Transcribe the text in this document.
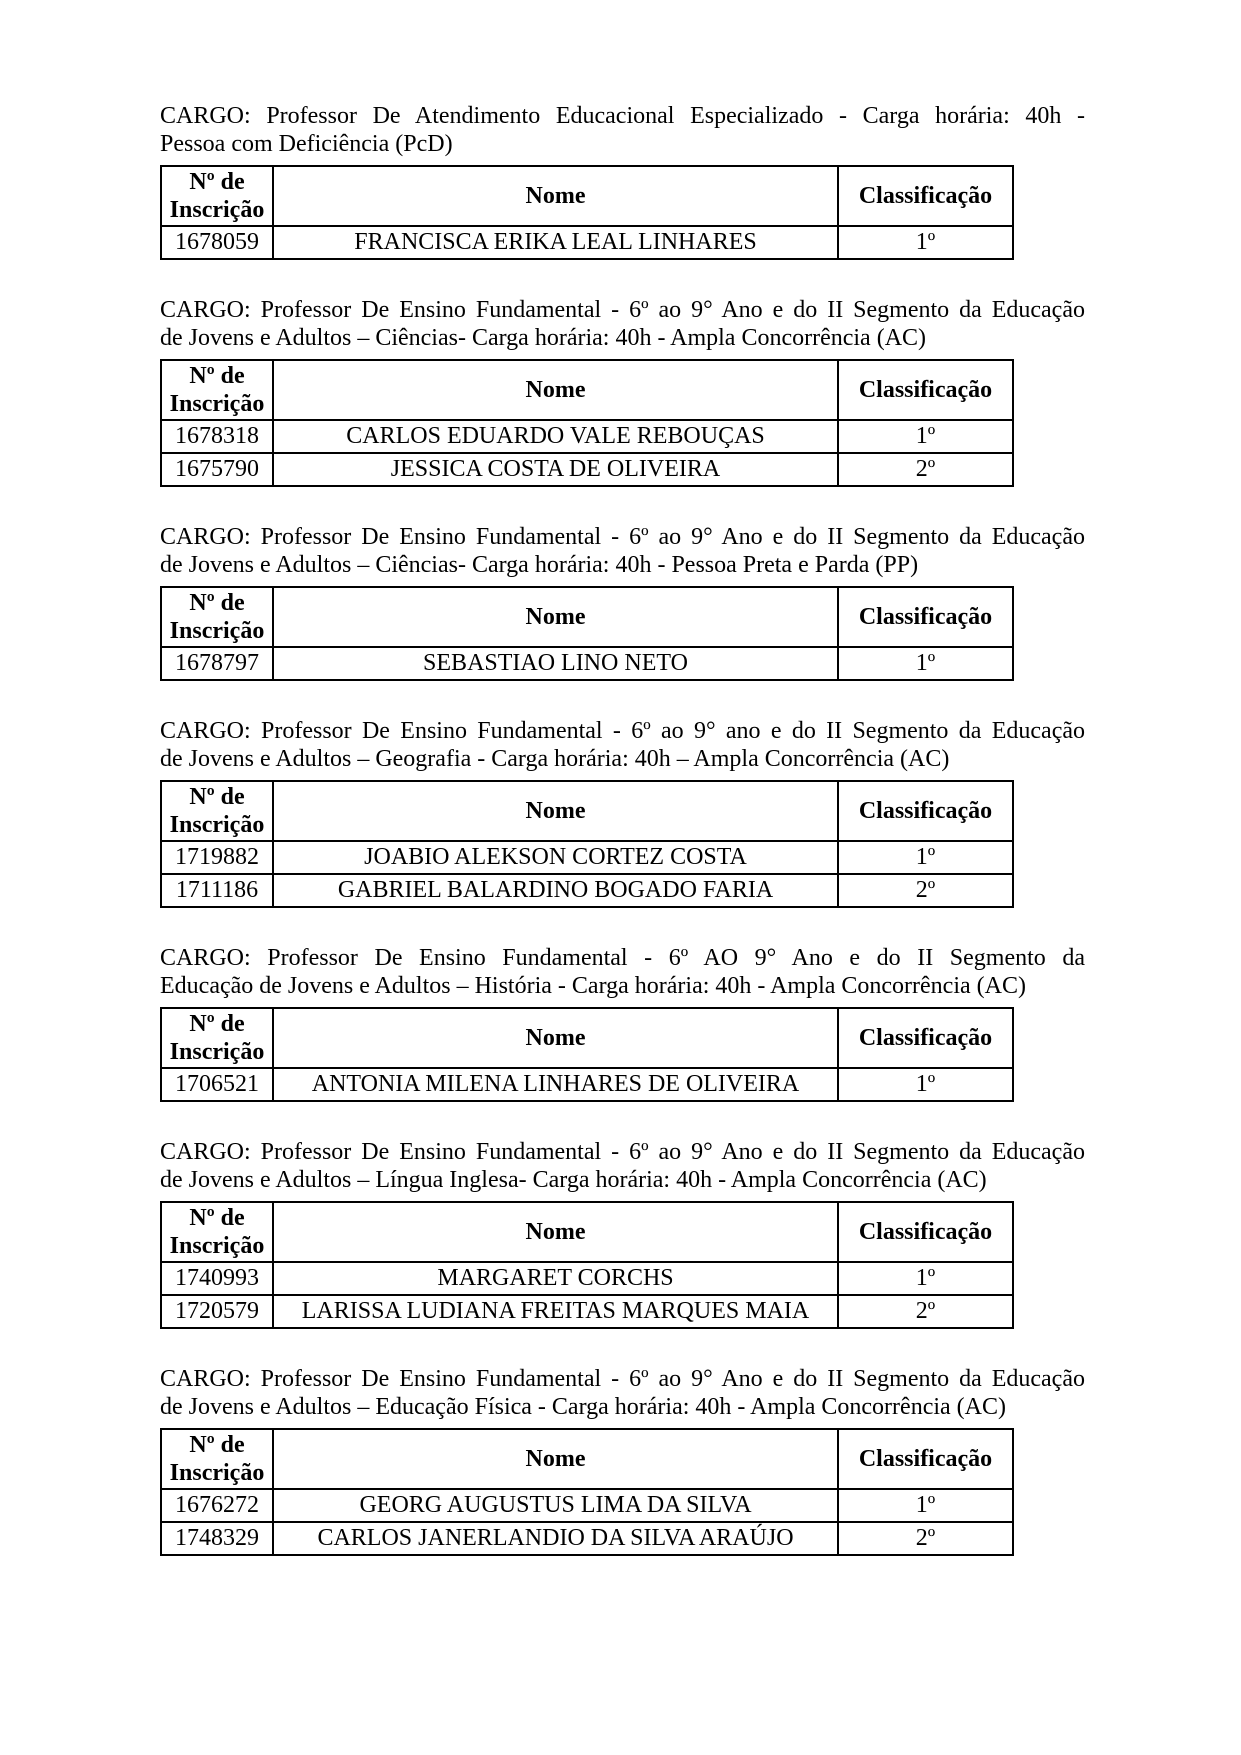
CARGO: Professor De Atendimento Educacional Especializado - Carga horária: 40h -
Pessoa com Deficiência (PcD)

Nº de Inscrição	Nome	Classificação
1678059	FRANCISCA ERIKA LEAL LINHARES	1º

CARGO: Professor De Ensino Fundamental - 6º ao 9° Ano e do II Segmento da Educação
de Jovens e Adultos – Ciências- Carga horária: 40h - Ampla Concorrência (AC)

Nº de Inscrição	Nome	Classificação
1678318	CARLOS EDUARDO VALE REBOUÇAS	1º
1675790	JESSICA COSTA DE OLIVEIRA	2º

CARGO: Professor De Ensino Fundamental - 6º ao 9° Ano e do II Segmento da Educação
de Jovens e Adultos – Ciências- Carga horária: 40h - Pessoa Preta e Parda (PP)

Nº de Inscrição	Nome	Classificação
1678797	SEBASTIAO LINO NETO	1º

CARGO: Professor De Ensino Fundamental - 6º ao 9° ano e do II Segmento da Educação
de Jovens e Adultos – Geografia - Carga horária: 40h – Ampla Concorrência (AC)

Nº de Inscrição	Nome	Classificação
1719882	JOABIO ALEKSON CORTEZ COSTA	1º
1711186	GABRIEL BALARDINO BOGADO FARIA	2º

CARGO: Professor De Ensino Fundamental - 6º AO 9° Ano e do II Segmento da
Educação de Jovens e Adultos – História - Carga horária: 40h - Ampla Concorrência (AC)

Nº de Inscrição	Nome	Classificação
1706521	ANTONIA MILENA LINHARES DE OLIVEIRA	1º

CARGO: Professor De Ensino Fundamental - 6º ao 9° Ano e do II Segmento da Educação
de Jovens e Adultos – Língua Inglesa- Carga horária: 40h - Ampla Concorrência (AC)

Nº de Inscrição	Nome	Classificação
1740993	MARGARET CORCHS	1º
1720579	LARISSA LUDIANA FREITAS MARQUES MAIA	2º

CARGO: Professor De Ensino Fundamental - 6º ao 9° Ano e do II Segmento da Educação
de Jovens e Adultos – Educação Física - Carga horária: 40h - Ampla Concorrência (AC)

Nº de Inscrição	Nome	Classificação
1676272	GEORG AUGUSTUS LIMA DA SILVA	1º
1748329	CARLOS JANERLANDIO DA SILVA ARAÚJO	2º
